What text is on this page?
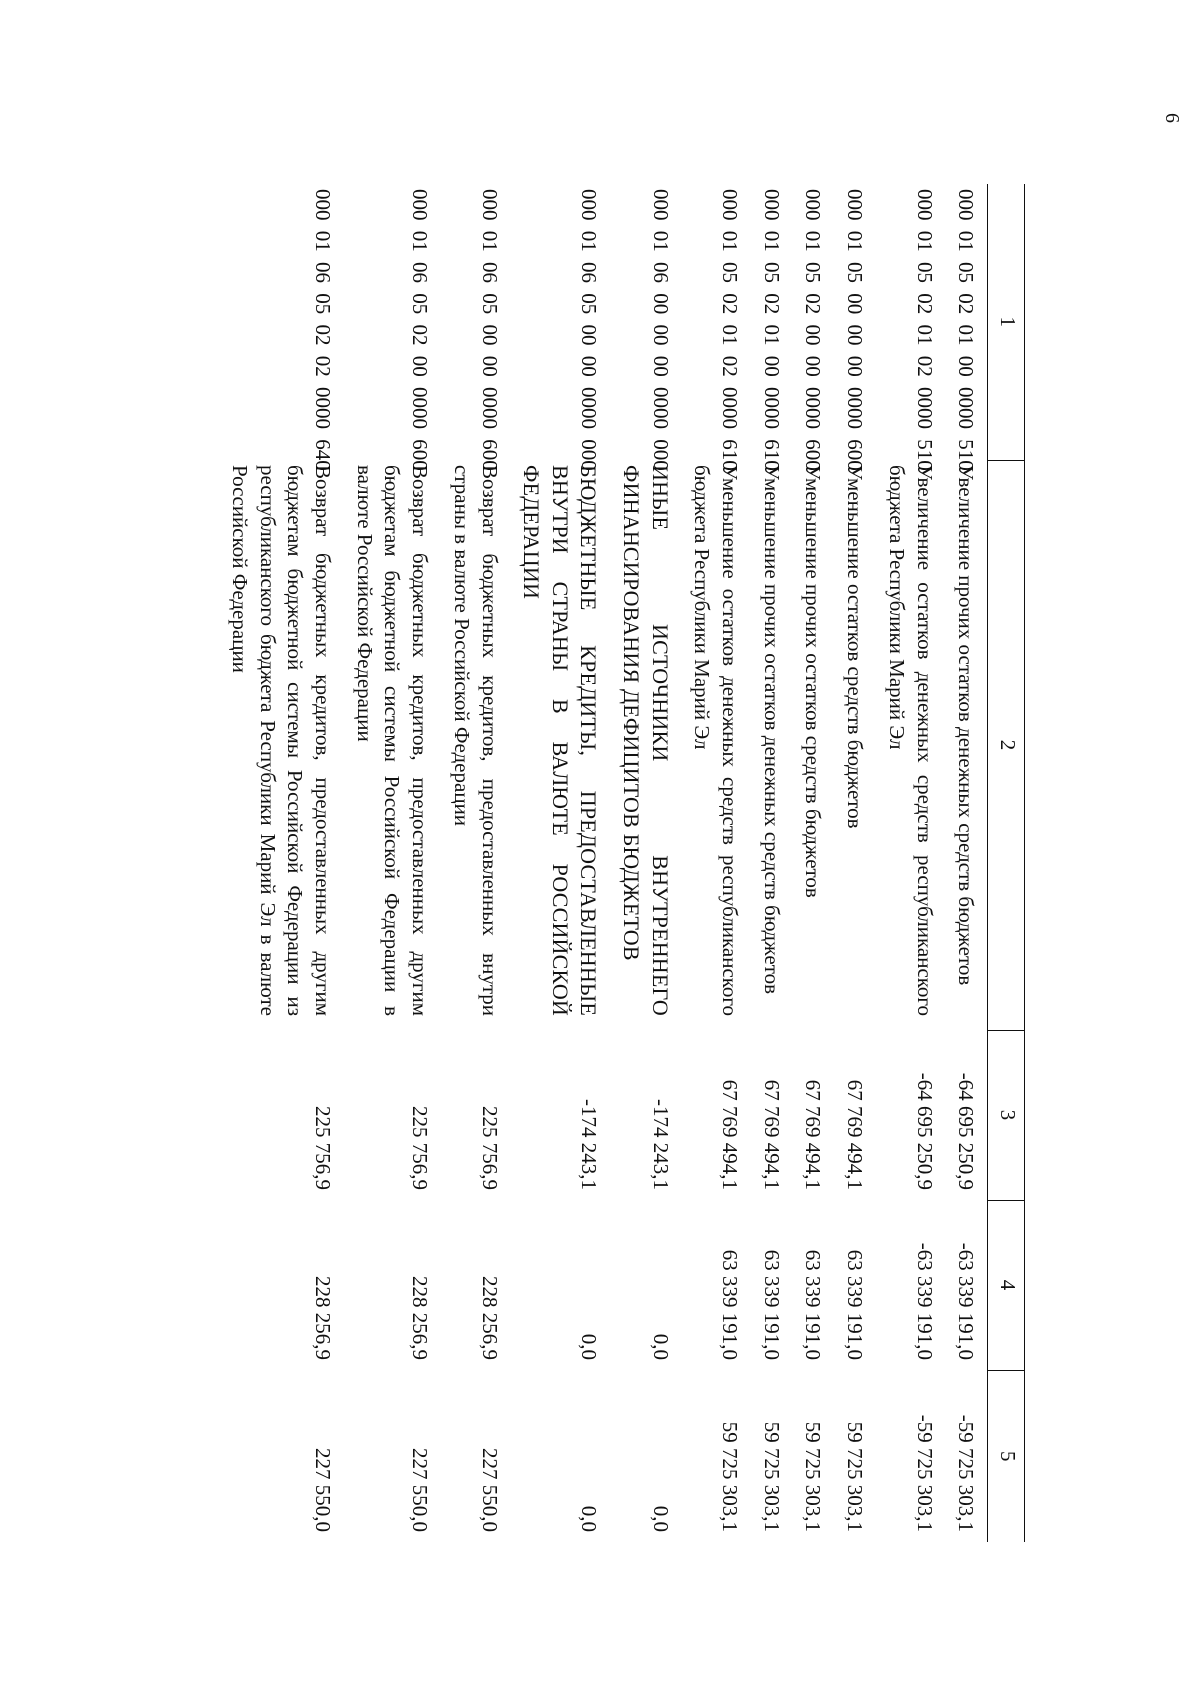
6
1	2	3	4	5
000 01 05 02 01 00 0000 510	Увеличение прочих остатков денежных средств бюджетов	-64 695 250,9	-63 339 191,0	-59 725 303,1
000 01 05 02 01 02 0000 510	Увеличение остатков денежных средств республиканского бюджета Республики Марий Эл	-64 695 250,9	-63 339 191,0	-59 725 303,1
000 01 05 00 00 00 0000 600	Уменьшение остатков средств бюджетов	67 769 494,1	63 339 191,0	59 725 303,1
000 01 05 02 00 00 0000 600	Уменьшение прочих остатков средств бюджетов	67 769 494,1	63 339 191,0	59 725 303,1
000 01 05 02 01 00 0000 610	Уменьшение прочих остатков денежных средств бюджетов	67 769 494,1	63 339 191,0	59 725 303,1
000 01 05 02 01 02 0000 610	Уменьшение остатков денежных средств республиканского бюджета Республики Марий Эл	67 769 494,1	63 339 191,0	59 725 303,1
000 01 06 00 00 00 0000 000	ИНЫЕ ИСТОЧНИКИ ВНУТРЕННЕГО ФИНАНСИРОВАНИЯ ДЕФИЦИТОВ БЮДЖЕТОВ	-174 243,1	0,0	0,0
000 01 06 05 00 00 0000 000	БЮДЖЕТНЫЕ КРЕДИТЫ, ПРЕДОСТАВЛЕННЫЕ ВНУТРИ СТРАНЫ В ВАЛЮТЕ РОССИЙСКОЙ ФЕДЕРАЦИИ	-174 243,1	0,0	0,0
000 01 06 05 00 00 0000 600	Возврат бюджетных кредитов, предоставленных внутри страны в валюте Российской Федерации	225 756,9	228 256,9	227 550,0
000 01 06 05 02 00 0000 600	Возврат бюджетных кредитов, предоставленных другим бюджетам бюджетной системы Российской Федерации в валюте Российской Федерации	225 756,9	228 256,9	227 550,0
000 01 06 05 02 02 0000 640	Возврат бюджетных кредитов, предоставленных другим бюджетам бюджетной системы Российской Федерации из республиканского бюджета Республики Марий Эл в валюте Российской Федерации	225 756,9	228 256,9	227 550,0
